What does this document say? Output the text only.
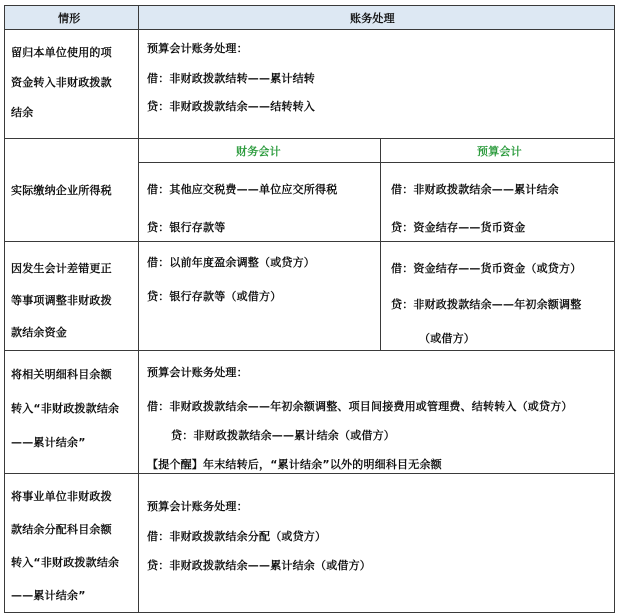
情形	账务处理
留归本单位使用的项
资金转入非财政拨款
结余
预算会计账务处理：
借：非财政拨款结转——累计结转
贷：非财政拨款结余——结转转入
实际缴纳企业所得税
财务会计	预算会计
借：其他应交税费——单位应交所得税
贷：银行存款等
借：非财政拨款结余——累计结余
贷：资金结存——货币资金
因发生会计差错更正
等事项调整非财政拨
款结余资金
借：以前年度盈余调整（或贷方）
贷：银行存款等（或借方）
借：资金结存——货币资金（或贷方）
贷：非财政拨款结余——年初余额调整
（或借方）
将相关明细科目余额
转入“非财政拨款结余
——累计结余”
预算会计账务处理：
借：非财政拨款结余——年初余额调整、项目间接费用或管理费、结转转入（或贷方）
贷：非财政拨款结余——累计结余（或借方）
【提个醒】年末结转后，“累计结余”以外的明细科目无余额
将事业单位非财政拨
款结余分配科目余额
转入“非财政拨款结余
——累计结余”
预算会计账务处理：
借：非财政拨款结余分配（或贷方）
贷：非财政拨款结余——累计结余（或借方）
